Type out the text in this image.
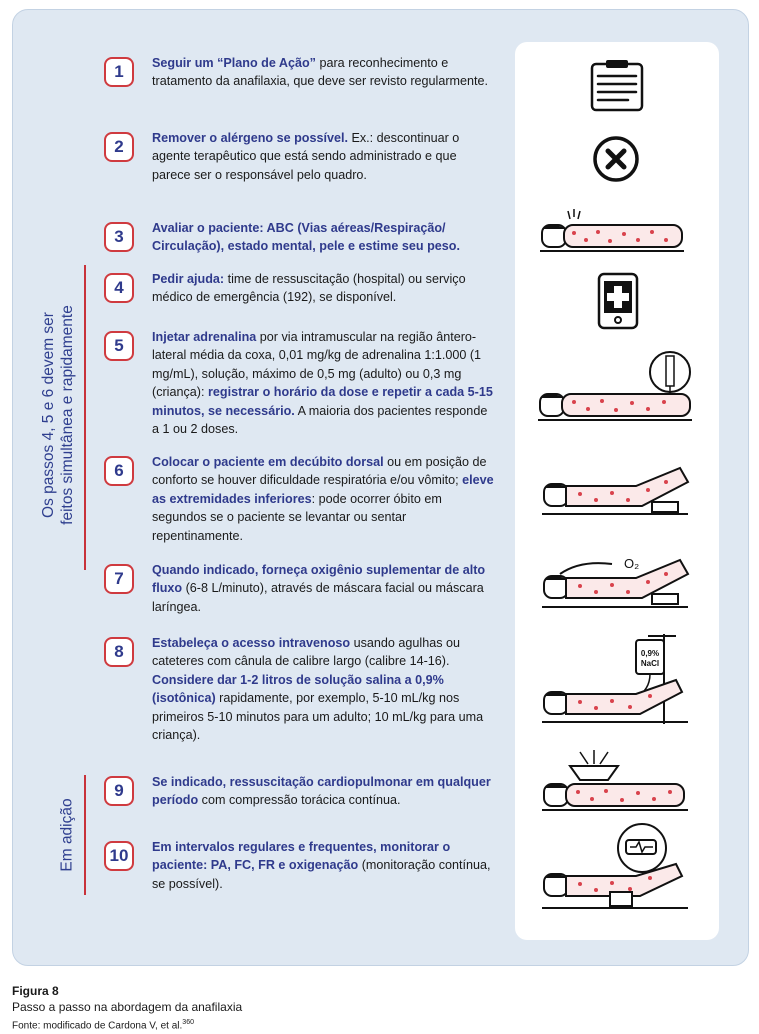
Os passos 4, 5 e 6 devem ser feitos simultânea e rapidamente
Em adição
1	Seguir um “Plano de Ação” para reconhecimento e tratamento da anafilaxia, que deve ser revisto regularmente.
2	Remover o alérgeno se possível. Ex.: descontinuar o agente terapêutico que está sendo administrado e que parece ser o responsável pelo quadro.
3	Avaliar o paciente: ABC (Vias aéreas/Respiração/ Circulação), estado mental, pele e estime seu peso.
4	Pedir ajuda: time de ressuscitação (hospital) ou serviço médico de emergência (192), se disponível.
5	Injetar adrenalina por via intramuscular na região ântero-lateral média da coxa, 0,01 mg/kg de adrenalina 1:1.000 (1 mg/mL), solução, máximo de 0,5 mg (adulto) ou 0,3 mg (criança): registrar o horário da dose e repetir a cada 5-15 minutos, se necessário. A maioria dos pacientes responde a 1 ou 2 doses.
6	Colocar o paciente em decúbito dorsal ou em posição de conforto se houver dificuldade respiratória e/ou vômito; eleve as extremidades inferiores: pode ocorrer óbito em segundos se o paciente se levantar ou sentar repentinamente.
7	Quando indicado, forneça oxigênio suplementar de alto fluxo (6-8 L/minuto), através de máscara facial ou máscara laríngea.
8	Estabeleça o acesso intravenoso usando agulhas ou cateteres com cânula de calibre largo (calibre 14-16). Considere dar 1-2 litros de solução salina a 0,9% (isotônica) rapidamente, por exemplo, 5-10 mL/kg nos primeiros 5-10 minutos para um adulto; 10 mL/kg para uma criança).
9	Se indicado, ressuscitação cardiopulmonar em qualquer período com compressão torácica contínua.
10	Em intervalos regulares e frequentes, monitorar o paciente: PA, FC, FR e oxigenação (monitoração contínua, se possível).
O₂
0,9%
NaCl
Figura 8
Passo a passo na abordagem da anafilaxia
Fonte: modificado de Cardona V, et al.$^{360}$
